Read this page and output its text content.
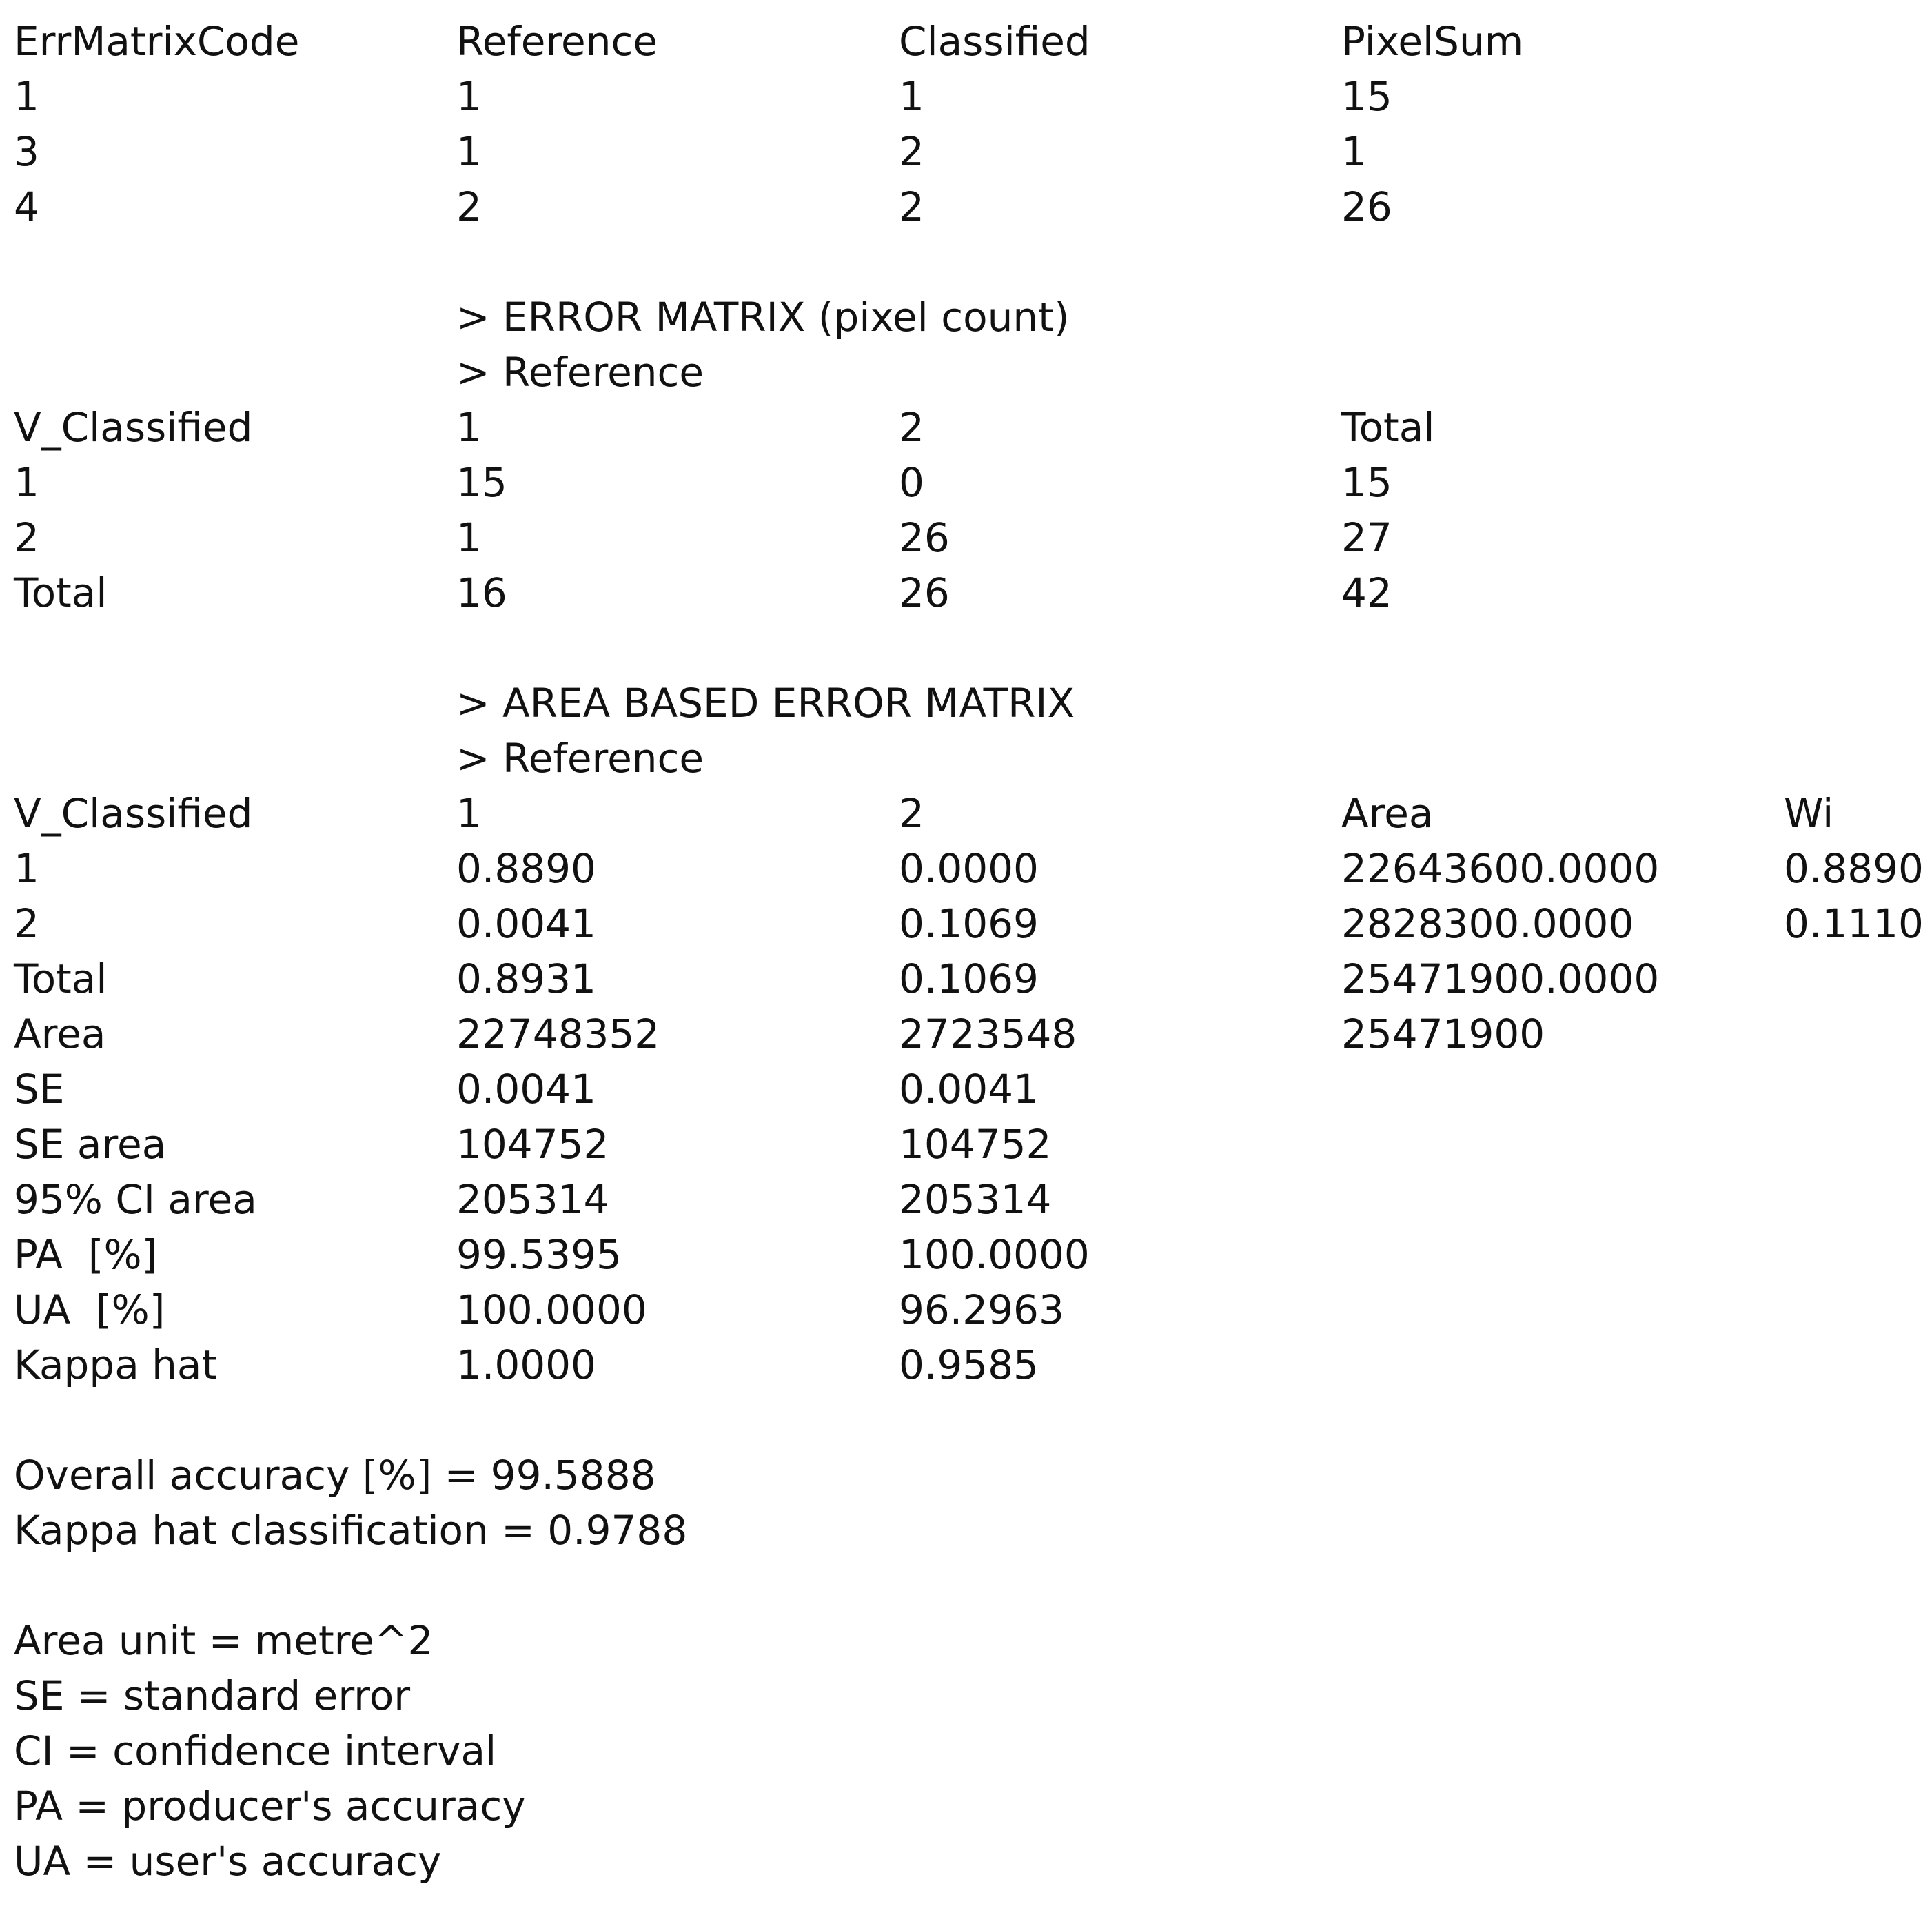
ErrMatrixCode	Reference	Classified	PixelSum
1	1	1	15
3	1	2	1
4	2	2	26
> ERROR MATRIX (pixel count)
> Reference
V_Classified	1	2	Total
1	15	0	15
2	1	26	27
Total	16	26	42
> AREA BASED ERROR MATRIX
> Reference
V_Classified	1	2	Area	Wi
1	0.8890	0.0000	22643600.0000	0.8890
2	0.0041	0.1069	2828300.0000	0.1110
Total	0.8931	0.1069	25471900.0000
Area	22748352	2723548	25471900
SE	0.0041	0.0041
SE area	104752	104752
95% CI area	205314	205314
PA  [%]	99.5395	100.0000
UA  [%]	100.0000	96.2963
Kappa hat	1.0000	0.9585
Overall accuracy [%] = 99.5888
Kappa hat classification = 0.9788
Area unit = metre^2
SE = standard error
CI = confidence interval
PA = producer's accuracy
UA = user's accuracy
